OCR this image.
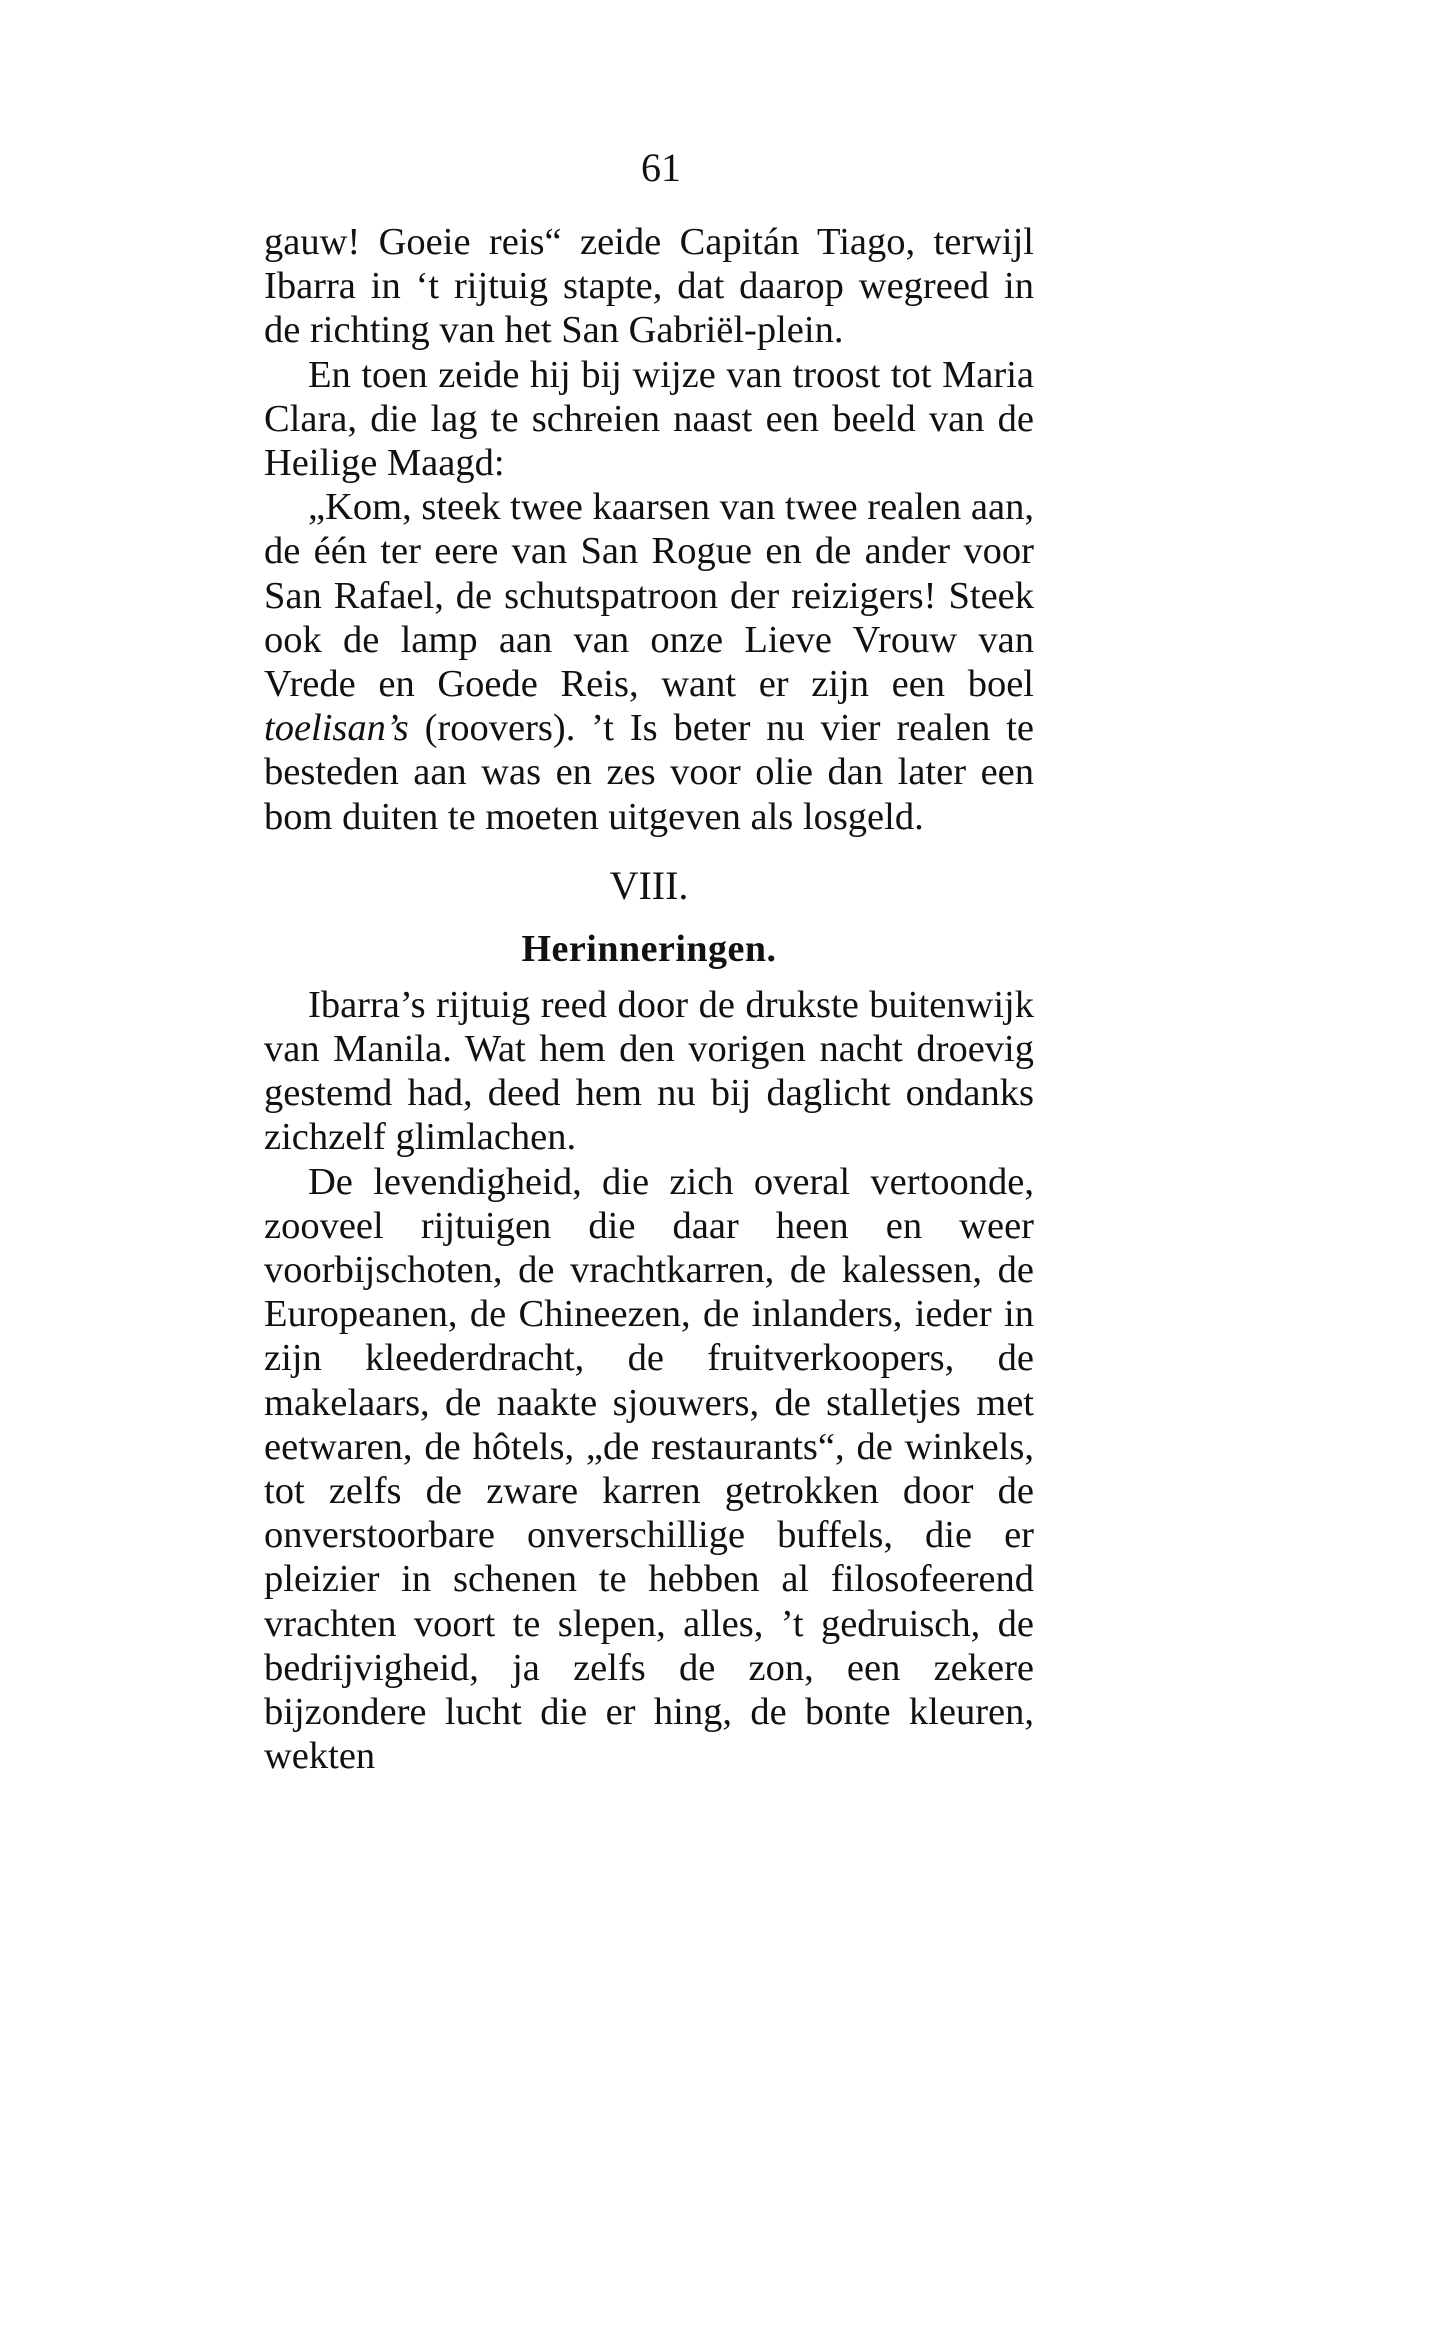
61

gauw! Goeie reis“ zeide Capitán Tiago, terwijl Ibarra in ‘t rijtuig stapte, dat daarop wegreed in de richting van het San Gabriël-plein.

En toen zeide hij bij wijze van troost tot Maria Clara, die lag te schreien naast een beeld van de Heilige Maagd:

„Kom, steek twee kaarsen van twee realen aan, de één ter eere van San Rogue en de ander voor San Rafael, de schutspatroon der reizigers! Steek ook de lamp aan van onze Lieve Vrouw van Vrede en Goede Reis, want er zijn een boel toelisan’s (roovers). ’t Is beter nu vier realen te besteden aan was en zes voor olie dan later een bom duiten te moeten uitgeven als losgeld.

VIII.
Herinneringen.

Ibarra’s rijtuig reed door de drukste buitenwijk van Manila. Wat hem den vorigen nacht droevig gestemd had, deed hem nu bij daglicht ondanks zichzelf glimlachen.

De levendigheid, die zich overal vertoonde, zooveel rijtuigen die daar heen en weer voorbijschoten, de vrachtkarren, de kalessen, de Europeanen, de Chineezen, de inlanders, ieder in zijn kleederdracht, de fruitverkoopers, de makelaars, de naakte sjouwers, de stalletjes met eetwaren, de hôtels, „de restaurants“, de winkels, tot zelfs de zware karren getrokken door de onverstoorbare onverschillige buffels, die er pleizier in schenen te hebben al filosofeerend vrachten voort te slepen, alles, ’t gedruisch, de bedrijvigheid, ja zelfs de zon, een zekere bijzondere lucht die er hing, de bonte kleuren, wekten
